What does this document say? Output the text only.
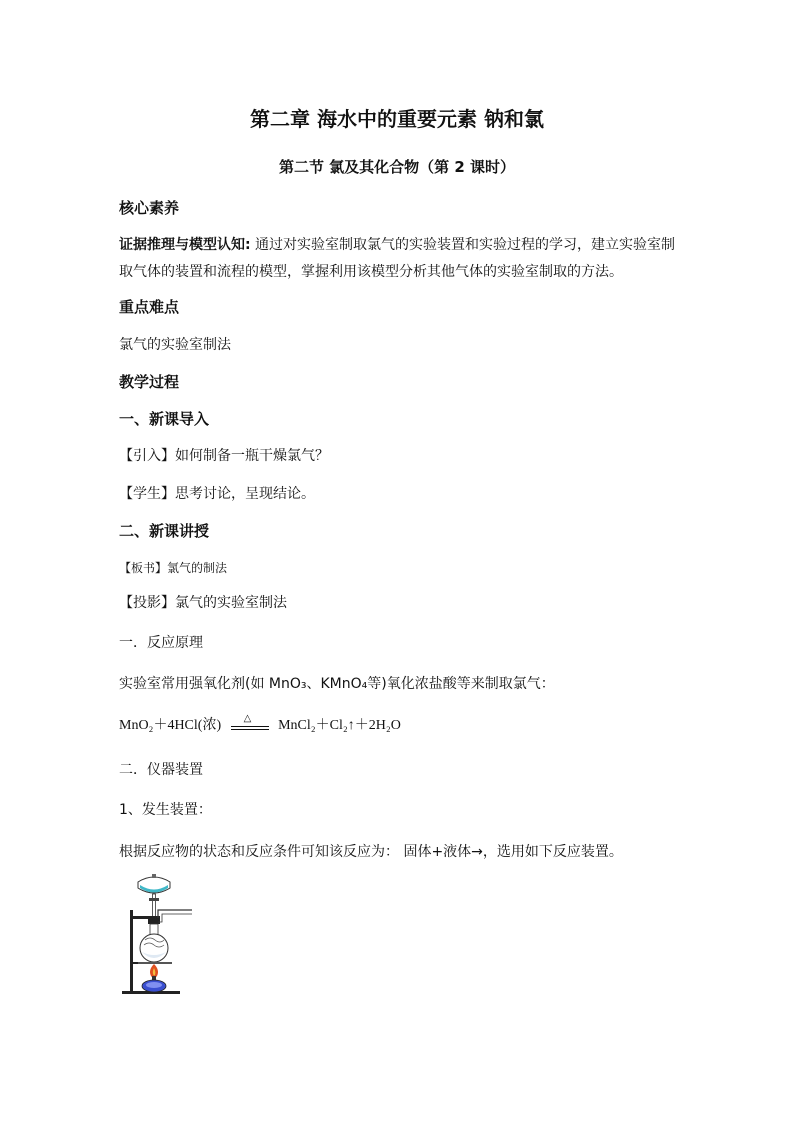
第二章 海水中的重要元素 钠和氯
第二节 氯及其化合物（第 2 课时）
核心素养
证据推理与模型认知: 通过对实验室制取氯气的实验装置和实验过程的学习，建立实验室制
取气体的装置和流程的模型，掌握利用该模型分析其他气体的实验室制取的方法。
重点难点
氯气的实验室制法
教学过程
一、新课导入
【引入】如何制备一瓶干燥氯气？
【学生】思考讨论，呈现结论。
二、新课讲授
【板书】氯气的制法
【投影】氯气的实验室制法
一．反应原理
实验室常用强氧化剂(如 MnO₃、KMnO₄等)氧化浓盐酸等来制取氯气：
MnO₂＋4HCl(浓) △ MnCl₂＋Cl₂↑＋2H₂O
二．仪器装置
1、发生装置：
根据反应物的状态和反应条件可知该反应为： 固体+液体→，选用如下反应装置。
